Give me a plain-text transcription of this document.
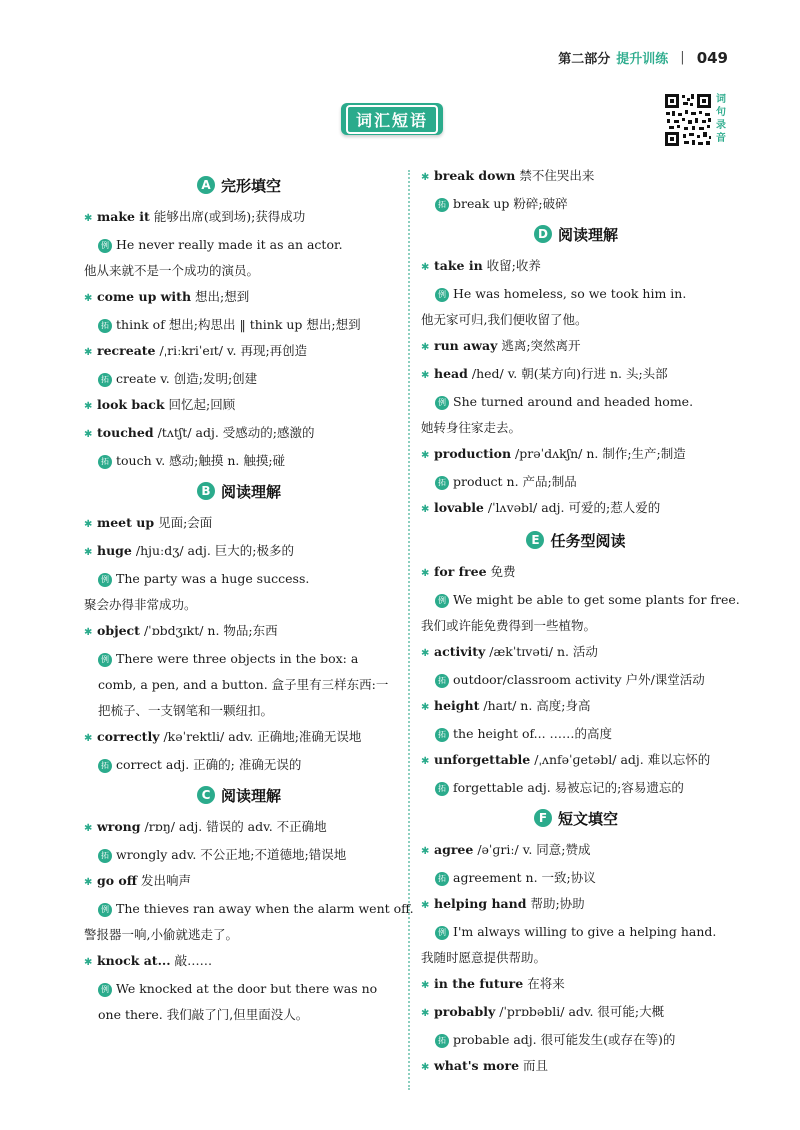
第二部分 提升训练 | 049
词
句
录
音
词汇短语
A 完形填空
✱ make it 能够出席(或到场);获得成功
例 He never really made it as an actor.
他从来就不是一个成功的演员。
✱ come up with 想出;想到
拓 think of 想出;构思出 ‖ think up 想出;想到
✱ recreate /ˌriːkriˈeɪt/ v. 再现;再创造
拓 create v. 创造;发明;创建
✱ look back 回忆起;回顾
✱ touched /tʌtʃt/ adj. 受感动的;感激的
拓 touch v. 感动;触摸 n. 触摸;碰
B 阅读理解
✱ meet up 见面;会面
✱ huge /hjuːdʒ/ adj. 巨大的;极多的
例 The party was a huge success.
聚会办得非常成功。
✱ object /ˈɒbdʒɪkt/ n. 物品;东西
例 There were three objects in the box: a comb, a pen, and a button. 盒子里有三样东西:一把梳子、一支钢笔和一颗纽扣。
✱ correctly /kəˈrektli/ adv. 正确地;准确无误地
拓 correct adj. 正确的; 准确无误的
C 阅读理解
✱ wrong /rɒŋ/ adj. 错误的 adv. 不正确地
拓 wrongly adv. 不公正地;不道德地;错误地
✱ go off 发出响声
例 The thieves ran away when the alarm went off.
警报器一响,小偷就逃走了。
✱ knock at... 敲……
例 We knocked at the door but there was no one there. 我们敲了门,但里面没人。
✱ break down 禁不住哭出来
拓 break up 粉碎;破碎
D 阅读理解
✱ take in 收留;收养
例 He was homeless, so we took him in.
他无家可归,我们便收留了他。
✱ run away 逃离;突然离开
✱ head /hed/ v. 朝(某方向)行进 n. 头;头部
例 She turned around and headed home.
她转身往家走去。
✱ production /prəˈdʌkʃn/ n. 制作;生产;制造
拓 product n. 产品;制品
✱ lovable /ˈlʌvəbl/ adj. 可爱的;惹人爱的
E 任务型阅读
✱ for free 免费
例 We might be able to get some plants for free.
我们或许能免费得到一些植物。
✱ activity /ækˈtɪvəti/ n. 活动
拓 outdoor/classroom activity 户外/课堂活动
✱ height /haɪt/ n. 高度;身高
拓 the height of... ……的高度
✱ unforgettable /ˌʌnfəˈɡetəbl/ adj. 难以忘怀的
拓 forgettable adj. 易被忘记的;容易遗忘的
F 短文填空
✱ agree /əˈɡriː/ v. 同意;赞成
拓 agreement n. 一致;协议
✱ helping hand 帮助;协助
例 I'm always willing to give a helping hand.
我随时愿意提供帮助。
✱ in the future 在将来
✱ probably /ˈprɒbəbli/ adv. 很可能;大概
拓 probable adj. 很可能发生(或存在等)的
✱ what's more 而且
